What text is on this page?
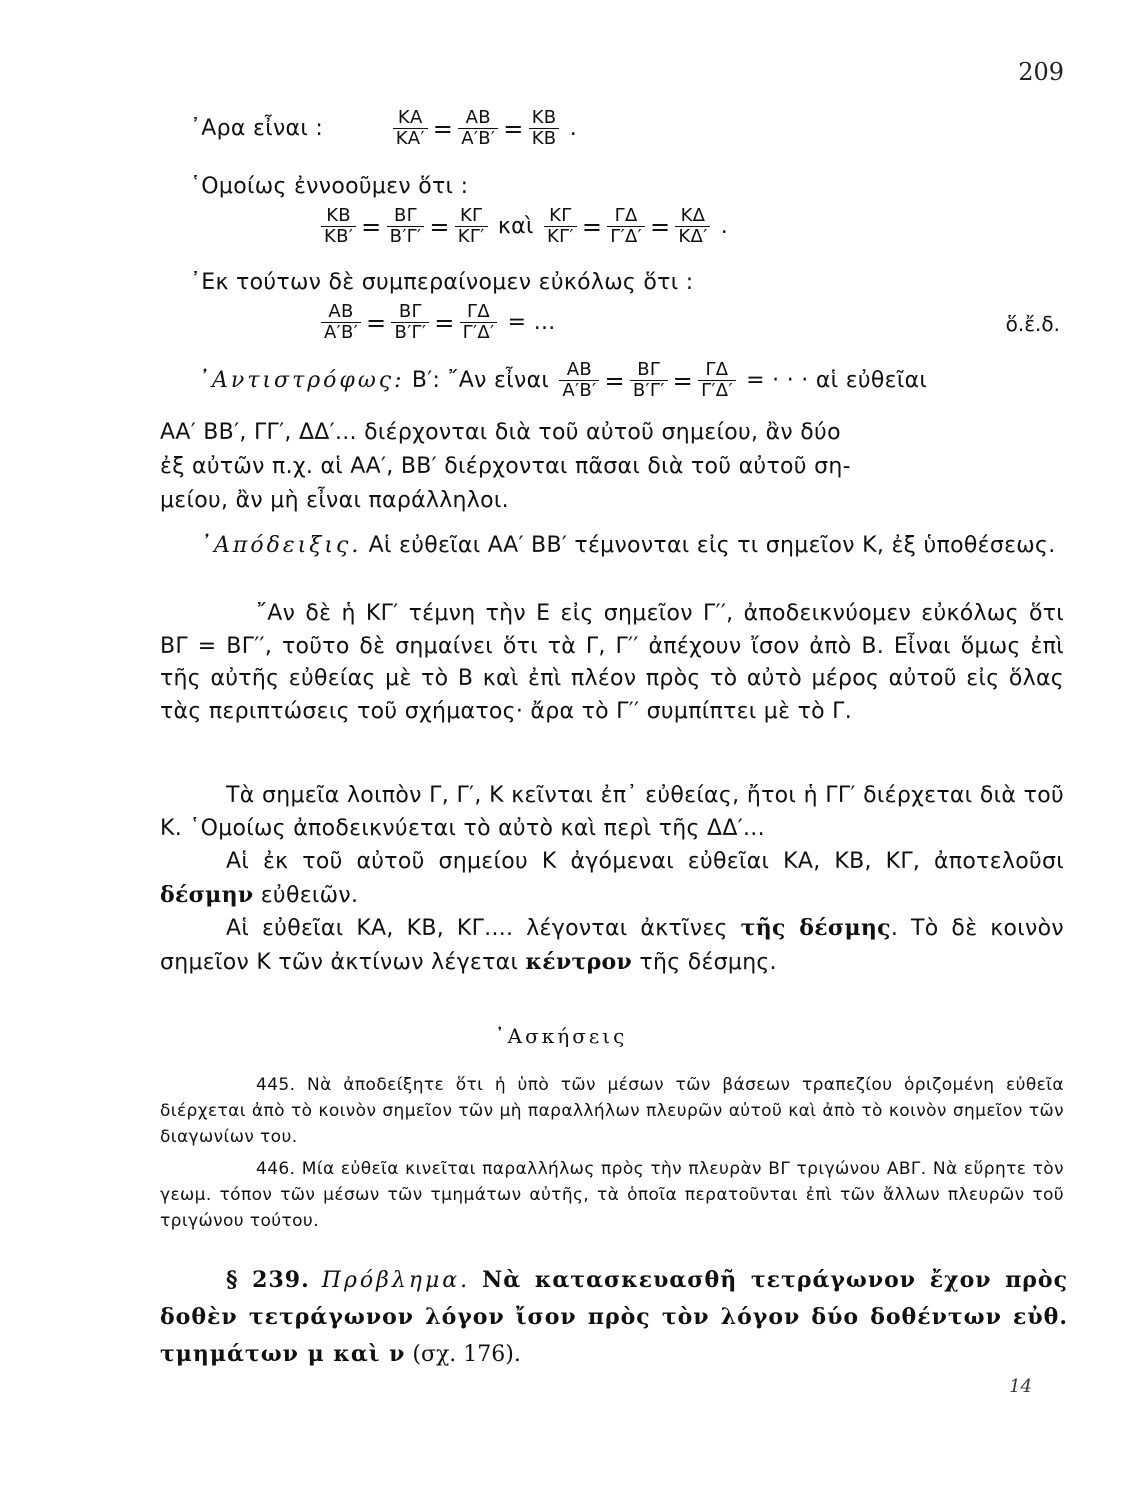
209
᾽Αρα εἶναι :	$\frac{KA}{KA'} = \frac{AB}{A'B'} = \frac{KB}{KB}$ .
῾Ομοίως ἐννοοῦμεν ὅτι :
$\frac{KB}{KB'} = \frac{B\Gamma}{B'\Gamma'} = \frac{K\Gamma}{K\Gamma'}$ καὶ $\frac{K\Gamma}{K\Gamma'} = \frac{\Gamma\Delta}{\Gamma'\Delta'} = \frac{K\Delta}{K\Delta'}$ .
᾽Εκ τούτων δὲ συμπεραίνομεν εὐκόλως ὅτι :
$\frac{AB}{A'B'} = \frac{B\Gamma}{B'\Gamma'} = \frac{\Gamma\Delta}{\Gamma'\Delta'}$ = ...	ὅ.ἔ.δ.
᾽Αντιστρόφως: Β′: ῎Αν εἶναι $\frac{AB}{A'B'} = \frac{B\Gamma}{B'\Gamma'} = \frac{\Gamma\Delta}{\Gamma'\Delta'}$ = · · · αἱ εὐθεῖαι
ΑΑ′ ΒΒ′, ΓΓ′, ΔΔ′... διέρχονται διὰ τοῦ αὐτοῦ σημείου, ἂν δύο
ἐξ αὐτῶν π.χ. αἱ ΑΑ′, ΒΒ′ διέρχονται πᾶσαι διὰ τοῦ αὐτοῦ ση-
μείου, ἂν μὴ εἶναι παράλληλοι.
᾽Απόδειξις. Αἱ εὐθεῖαι ΑΑ′ ΒΒ′ τέμνονται εἰς τι σημεῖον Κ, ἐξ ὑποθέσεως.
῎Αν δὲ ἡ ΚΓ′ τέμνη τὴν Ε εἰς σημεῖον Γ′′, ἀποδεικνύομεν εὐκόλως ὅτι ΒΓ = ΒΓ′′, τοῦτο δὲ σημαίνει ὅτι τὰ Γ, Γ′′ ἀπέχουν ἴσον ἀπὸ Β. Εἶναι ὅμως ἐπὶ τῆς αὐτῆς εὐθείας μὲ τὸ Β καὶ ἐπὶ πλέον πρὸς τὸ αὐτὸ μέρος αὐτοῦ εἰς ὅλας τὰς περιπτώσεις τοῦ σχήματος· ἄρα τὸ Γ′′ συμπίπτει μὲ τὸ Γ.
Τὰ σημεῖα λοιπὸν Γ, Γ′, Κ κεῖνται ἐπ᾽ εὐθείας, ἤτοι ἡ ΓΓ′ διέρχεται διὰ τοῦ Κ. ῾Ομοίως ἀποδεικνύεται τὸ αὐτὸ καὶ περὶ τῆς ΔΔ′...
Αἱ ἐκ τοῦ αὐτοῦ σημείου Κ ἀγόμεναι εὐθεῖαι ΚΑ, ΚΒ, ΚΓ, ἀποτελοῦσι δέσμην εὐθειῶν.
Αἱ εὐθεῖαι ΚΑ, ΚΒ, ΚΓ.... λέγονται ἀκτῖνες τῆς δέσμης. Τὸ δὲ κοινὸν σημεῖον Κ τῶν ἀκτίνων λέγεται κέντρον τῆς δέσμης.
᾽Ασκήσεις
445. Νὰ ἀποδείξητε ὅτι ἡ ὑπὸ τῶν μέσων τῶν βάσεων τραπεζίου ὁριζομένη εὐθεῖα διέρχεται ἀπὸ τὸ κοινὸν σημεῖον τῶν μὴ παραλλήλων πλευρῶν αὐτοῦ καὶ ἀπὸ τὸ κοινὸν σημεῖον τῶν διαγωνίων του.
446. Μία εὐθεῖα κινεῖται παραλλήλως πρὸς τὴν πλευρὰν ΒΓ τριγώνου ΑΒΓ. Νὰ εὕρητε τὸν γεωμ. τόπον τῶν μέσων τῶν τμημάτων αὐτῆς, τὰ ὁποῖα περατοῦνται ἐπὶ τῶν ἄλλων πλευρῶν τοῦ τριγώνου τούτου.
§ 239. Πρόβλημα. Νὰ κατασκευασθῆ τετράγωνον ἔχον πρὸς δοθὲν τετράγωνον λόγον ἴσον πρὸς τὸν λόγον δύο δοθέντων εὐθ. τμημάτων μ καὶ ν (σχ. 176).
14
